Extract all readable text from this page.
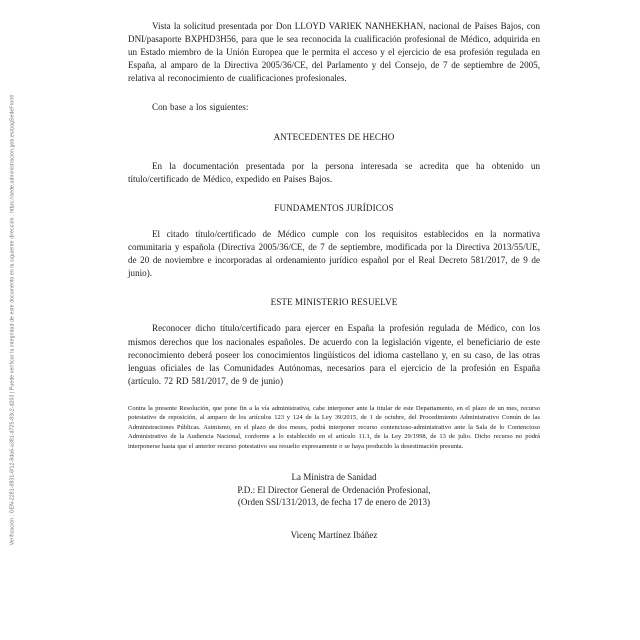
Verificación : GEN-2281-0831-6f12-8da6-a381-d725-83c2-d203 | Puede verificar la integridad de este documento en la siguiente dirección : https://sede.administracion.gob.es/pagSedeFront/

Vista la solicitud presentada por Don LLOYD VARIEK NANHEKHAN, nacional de Países Bajos, con DNI/pasaporte BXPHD3H56, para que le sea reconocida la cualificación profesional de Médico, adquirida en un Estado miembro de la Unión Europea que le permita el acceso y el ejercicio de esa profesión regulada en España, al amparo de la Directiva 2005/36/CE, del Parlamento y del Consejo, de 7 de septiembre de 2005, relativa al reconocimiento de cualificaciones profesionales.

Con base a los siguientes:

ANTECEDENTES DE HECHO

En la documentación presentada por la persona interesada se acredita que ha obtenido un título/certificado de Médico, expedido en Países Bajos.

FUNDAMENTOS JURÍDICOS

El citado título/certificado de Médico cumple con los requisitos establecidos en la normativa comunitaria y española (Directiva 2005/36/CE, de 7 de septiembre, modificada por la Directiva 2013/55/UE, de 20 de noviembre e incorporadas al ordenamiento jurídico español por el Real Decreto 581/2017, de 9 de junio).

ESTE MINISTERIO RESUELVE

Reconocer dicho título/certificado para ejercer en España la profesión regulada de Médico, con los mismos derechos que los nacionales españoles. De acuerdo con la legislación vigente, el beneficiario de este reconocimiento deberá poseer los conocimientos lingüísticos del idioma castellano y, en su caso, de las otras lenguas oficiales de las Comunidades Autónomas, necesarios para el ejercicio de la profesión en España (artículo. 72 RD 581/2017, de 9 de junio)

Contra la presente Resolución, que pone fin a la vía administrativa, cabe interponer ante la titular de este Departamento, en el plazo de un mes, recurso potestativo de reposición, al amparo de los artículos 123 y 124 de la Ley 39/2015, de 1 de octubre, del Procedimiento Administrativo Común de las Administraciones Públicas. Asimismo, en el plazo de dos meses, podrá interponer recurso contencioso-administrativo ante la Sala de lo Contencioso Administrativo de la Audiencia Nacional, conforme a lo establecido en el artículo 11.1, de la Ley 29/1998, de 13 de julio. Dicho recurso no podrá interponerse hasta que el anterior recurso potestativo sea resuelto expresamente o se haya producido la desestimación presunta.

La Ministra de Sanidad
P.D.: El Director General de Ordenación Profesional,
(Orden SSI/131/2013, de fecha 17 de enero de 2013)
Vicenç Martínez Ibáñez
